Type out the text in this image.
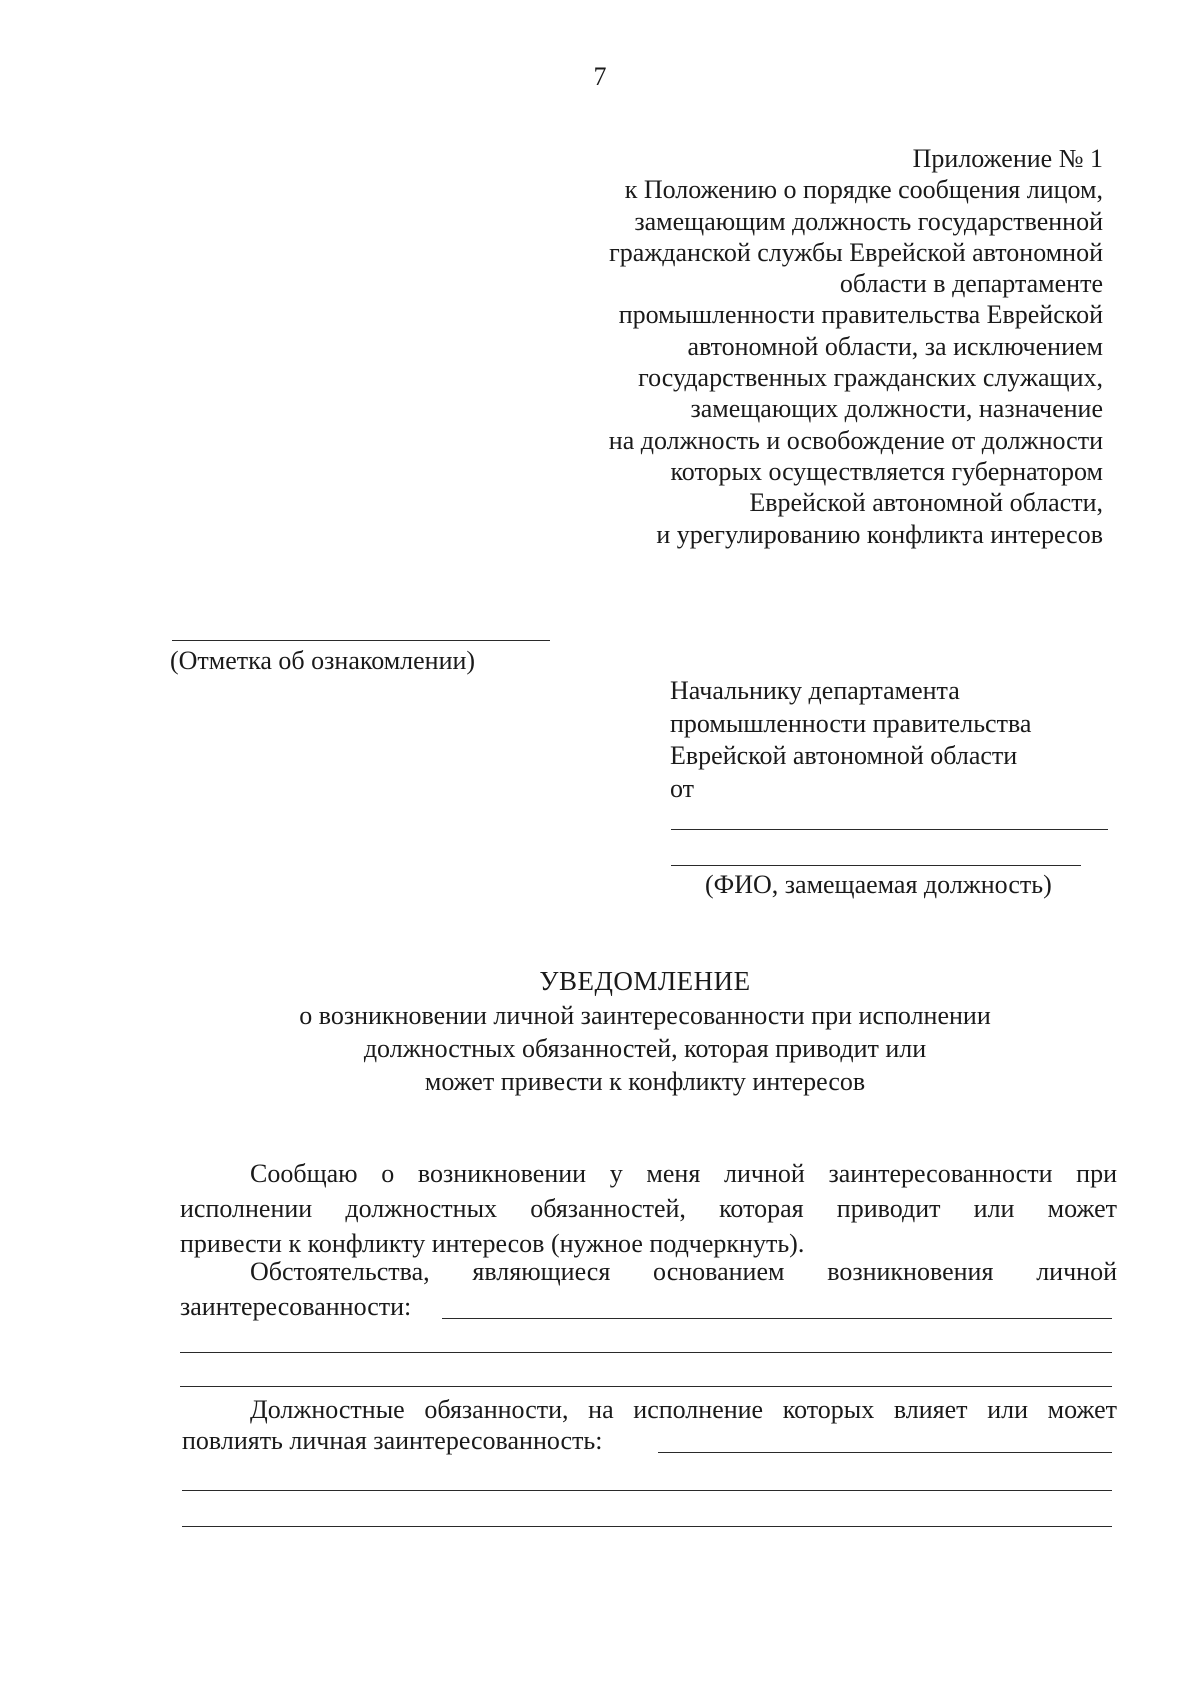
7
Приложение № 1
к Положению о порядке сообщения лицом,
замещающим должность государственной
гражданской службы Еврейской автономной
области в департаменте
промышленности правительства Еврейской
автономной области, за исключением
государственных гражданских служащих,
замещающих должности, назначение
на должность и освобождение от должности
которых осуществляется губернатором
Еврейской автономной области,
и урегулированию конфликта интересов
(Отметка об ознакомлении)
Начальнику департамента
промышленности правительства
Еврейской автономной области
от
(ФИО, замещаемая должность)
УВЕДОМЛЕНИЕ
о возникновении личной заинтересованности при исполнении
должностных обязанностей, которая приводит или
может привести к конфликту интересов
Сообщаю о возникновении у меня личной заинтересованности при
исполнении должностных обязанностей, которая приводит или может
привести к конфликту интересов (нужное подчеркнуть).
Обстоятельства, являющиеся основанием возникновения личной
заинтересованности:
Должностные обязанности, на исполнение которых влияет или может
повлиять личная заинтересованность:
